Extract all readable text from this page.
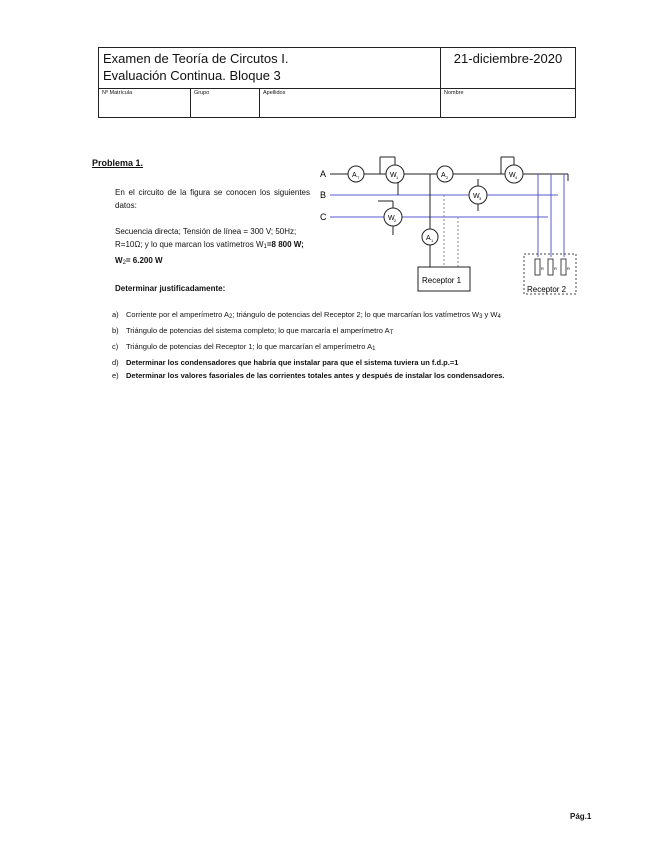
Examen de Teoría de Circutos I.
Evaluación Continua. Bloque 3			21-diciembre-2020
Nº Matrícula	Grupo	Apellidos	Nombre
Problema 1.
En el circuito de la figura se conocen los siguientes datos:
Secuencia directa; Tensión de línea = 300 V; 50Hz; R=10Ω; y lo que marcan los vatímetros W1=8 800 W; W2= 6.200 W
Determinar justificadamente:
a) Corriente por el amperímetro A2; triángulo de potencias del Receptor 2; lo que marcarían los vatímetros W3 y W4
b) Triángulo de potencias del sistema completo; lo que marcaría el amperímetro AT
c) Triángulo de potencias del Receptor 1; lo que marcarían el amperímetro A1
d) Determinar los condensadores que habría que instalar para que el sistema tuviera un f.d.p.=1
e) Determinar los valores fasoriales de las corrientes totales antes y después de instalar los condensadores.
A
B
C
A T	W 1
W 2
A 2	W 4
W 3
A 1
Receptor 1
R	R	R
Receptor 2
Pág.1
